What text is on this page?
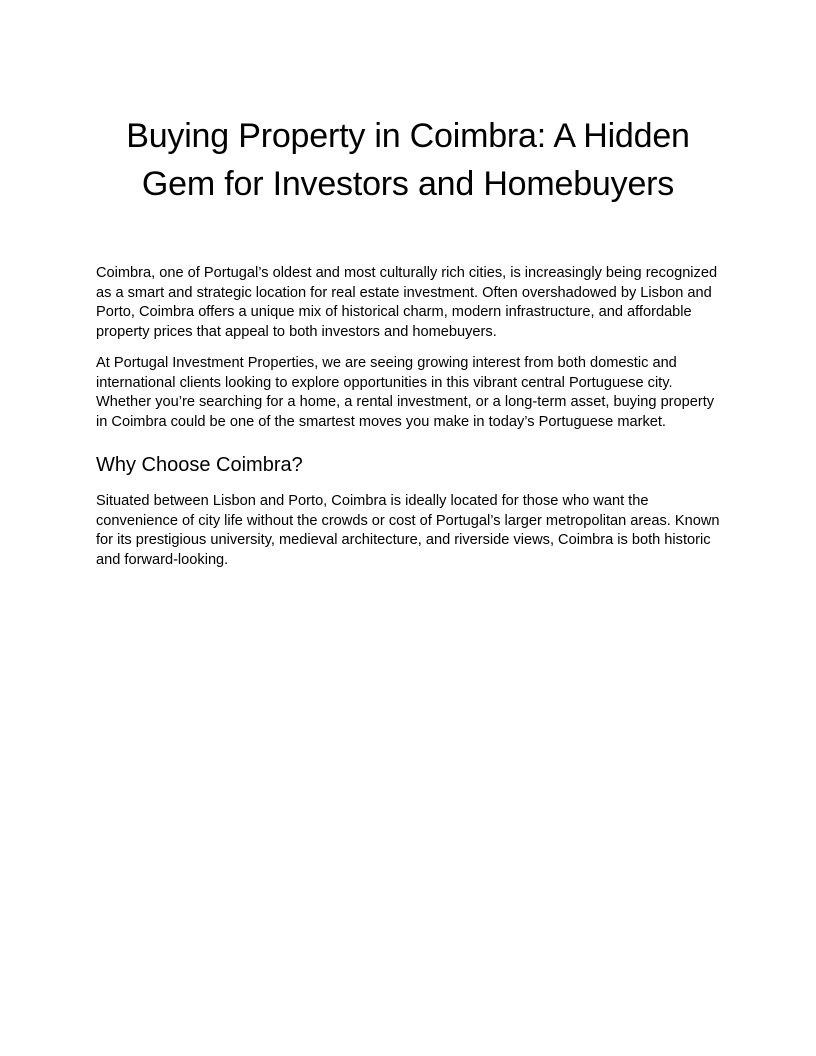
Buying Property in Coimbra: A Hidden
Gem for Investors and Homebuyers

Coimbra, one of Portugal’s oldest and most culturally rich cities, is increasingly being recognized as a smart and strategic location for real estate investment. Often overshadowed by Lisbon and Porto, Coimbra offers a unique mix of historical charm, modern infrastructure, and affordable property prices that appeal to both investors and homebuyers.

At Portugal Investment Properties, we are seeing growing interest from both domestic and international clients looking to explore opportunities in this vibrant central Portuguese city. Whether you’re searching for a home, a rental investment, or a long-term asset, buying property in Coimbra could be one of the smartest moves you make in today’s Portuguese market.

Why Choose Coimbra?

Situated between Lisbon and Porto, Coimbra is ideally located for those who want the convenience of city life without the crowds or cost of Portugal’s larger metropolitan areas. Known for its prestigious university, medieval architecture, and riverside views, Coimbra is both historic and forward-looking.
